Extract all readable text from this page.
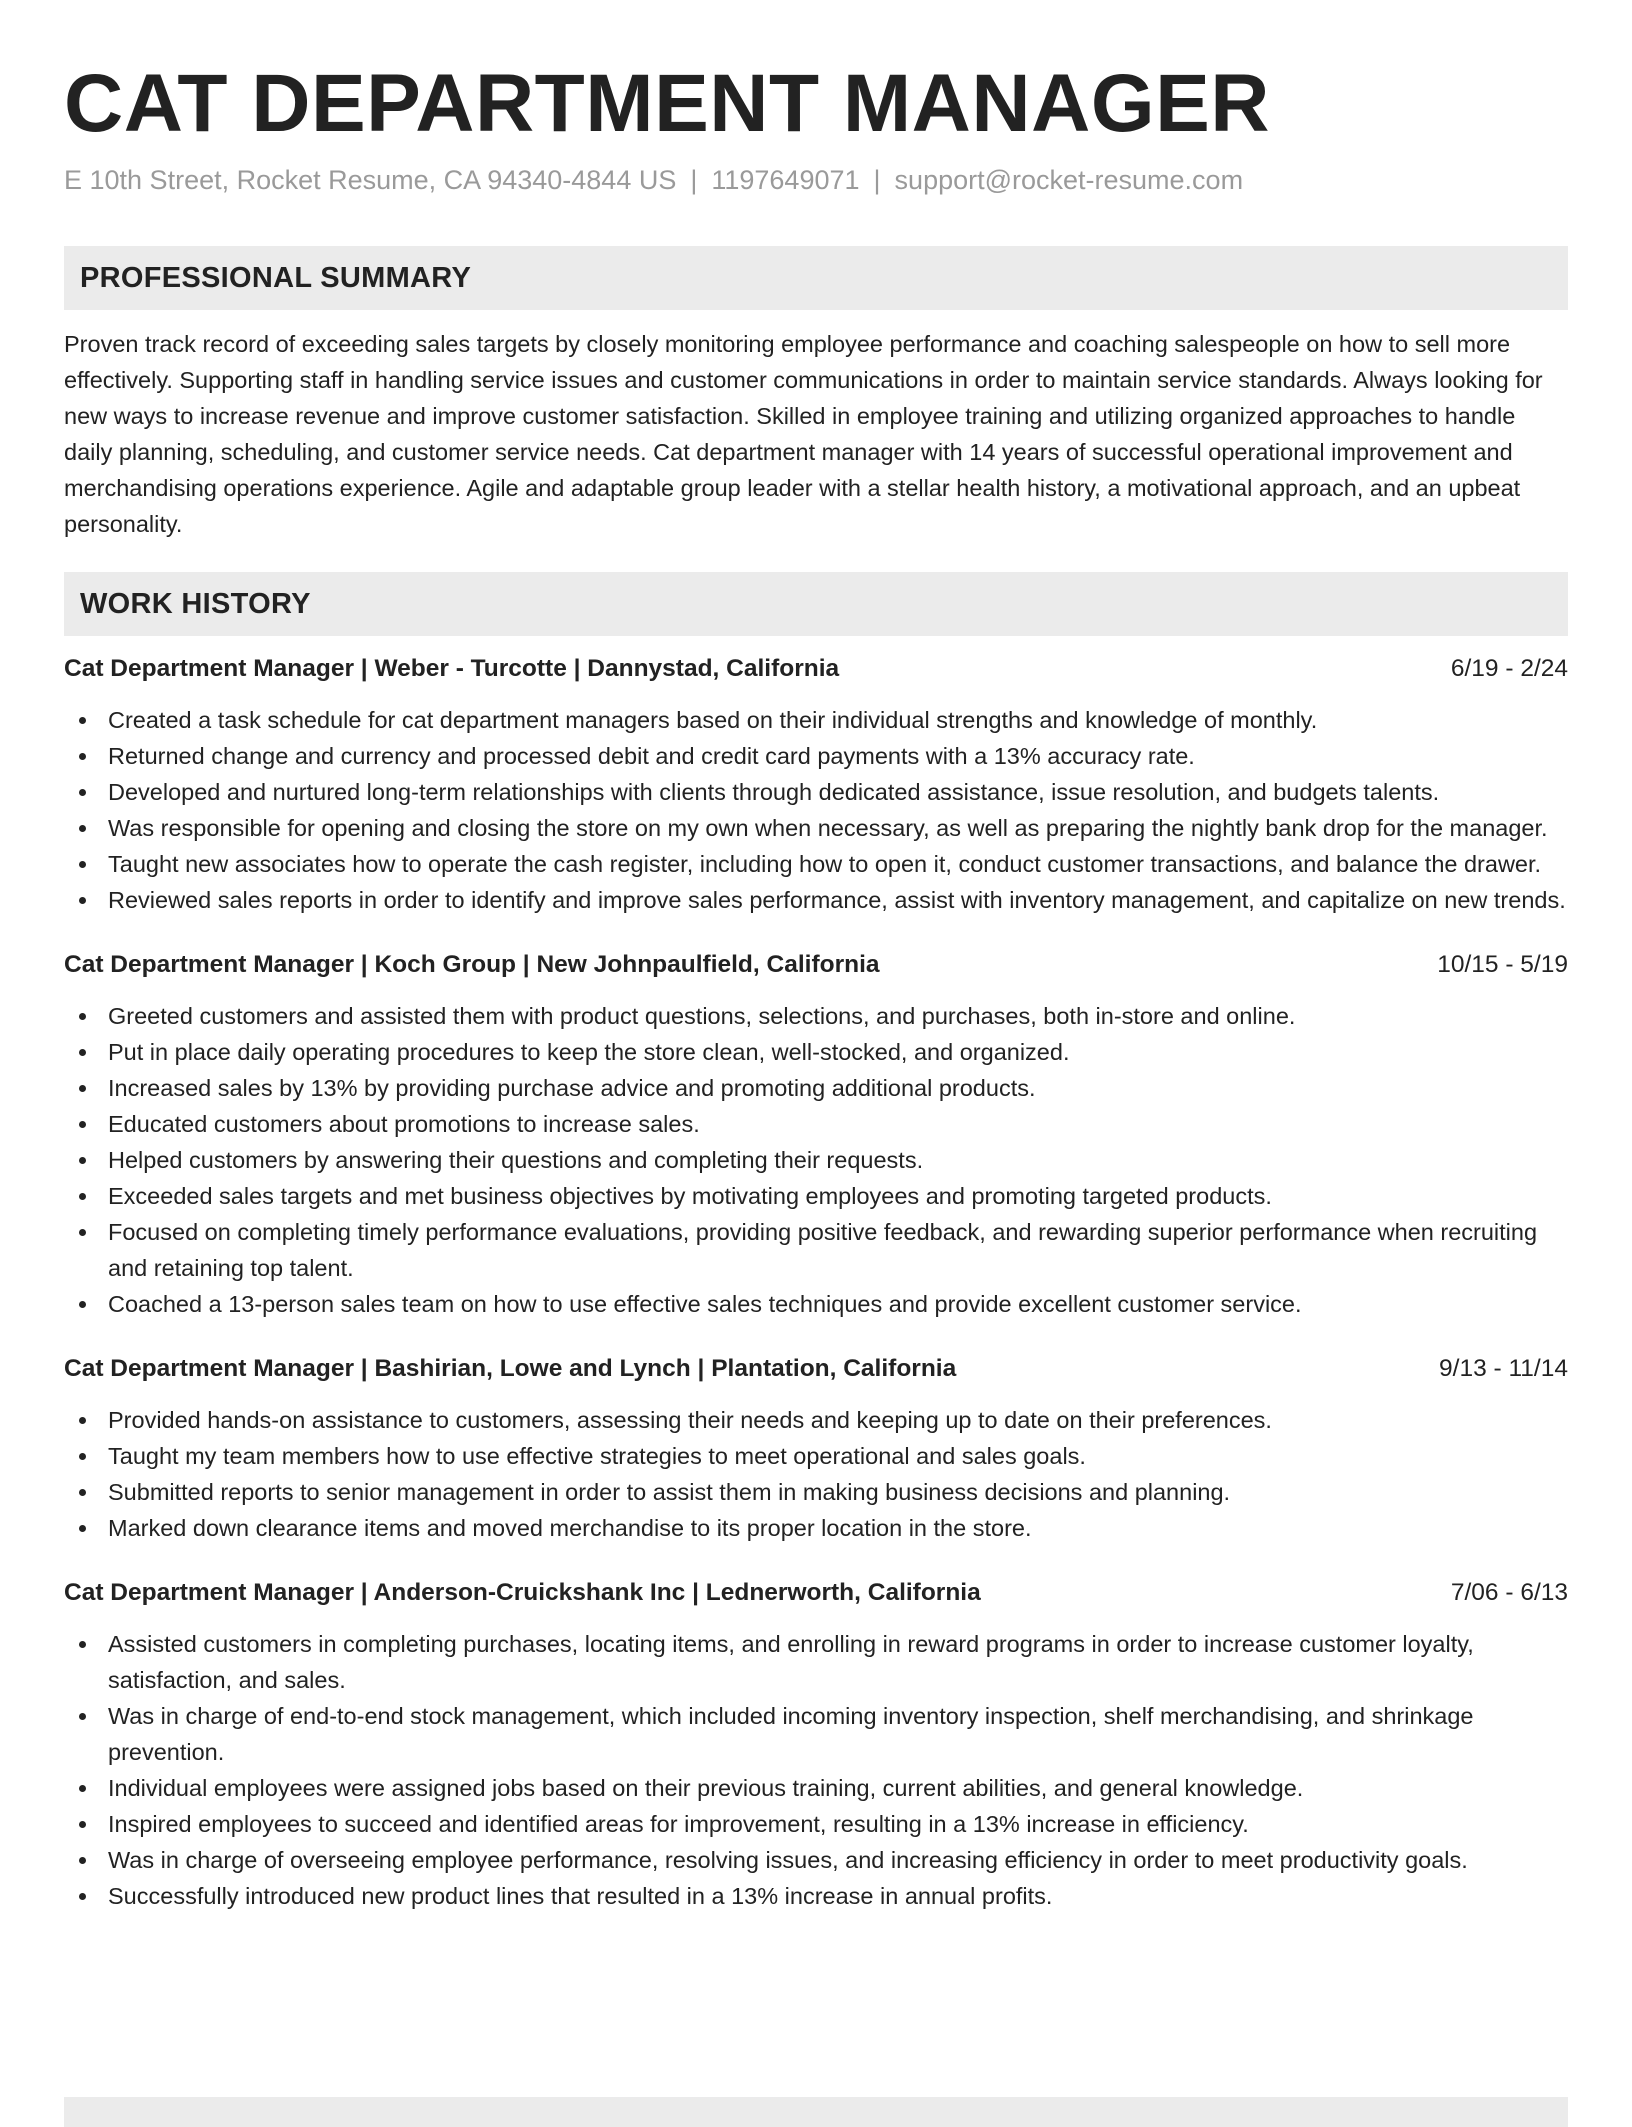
CAT DEPARTMENT MANAGER
E 10th Street, Rocket Resume, CA 94340-4844 US | 1197649071 | support@rocket-resume.com
PROFESSIONAL SUMMARY
Proven track record of exceeding sales targets by closely monitoring employee performance and coaching salespeople on how to sell more effectively. Supporting staff in handling service issues and customer communications in order to maintain service standards. Always looking for new ways to increase revenue and improve customer satisfaction. Skilled in employee training and utilizing organized approaches to handle daily planning, scheduling, and customer service needs. Cat department manager with 14 years of successful operational improvement and merchandising operations experience. Agile and adaptable group leader with a stellar health history, a motivational approach, and an upbeat personality.
WORK HISTORY
Cat Department Manager | Weber - Turcotte | Dannystad, California	6/19 - 2/24
Created a task schedule for cat department managers based on their individual strengths and knowledge of monthly.
Returned change and currency and processed debit and credit card payments with a 13% accuracy rate.
Developed and nurtured long-term relationships with clients through dedicated assistance, issue resolution, and budgets talents.
Was responsible for opening and closing the store on my own when necessary, as well as preparing the nightly bank drop for the manager.
Taught new associates how to operate the cash register, including how to open it, conduct customer transactions, and balance the drawer.
Reviewed sales reports in order to identify and improve sales performance, assist with inventory management, and capitalize on new trends.
Cat Department Manager | Koch Group | New Johnpaulfield, California	10/15 - 5/19
Greeted customers and assisted them with product questions, selections, and purchases, both in-store and online.
Put in place daily operating procedures to keep the store clean, well-stocked, and organized.
Increased sales by 13% by providing purchase advice and promoting additional products.
Educated customers about promotions to increase sales.
Helped customers by answering their questions and completing their requests.
Exceeded sales targets and met business objectives by motivating employees and promoting targeted products.
Focused on completing timely performance evaluations, providing positive feedback, and rewarding superior performance when recruiting and retaining top talent.
Coached a 13-person sales team on how to use effective sales techniques and provide excellent customer service.
Cat Department Manager | Bashirian, Lowe and Lynch | Plantation, California	9/13 - 11/14
Provided hands-on assistance to customers, assessing their needs and keeping up to date on their preferences.
Taught my team members how to use effective strategies to meet operational and sales goals.
Submitted reports to senior management in order to assist them in making business decisions and planning.
Marked down clearance items and moved merchandise to its proper location in the store.
Cat Department Manager | Anderson-Cruickshank Inc | Lednerworth, California	7/06 - 6/13
Assisted customers in completing purchases, locating items, and enrolling in reward programs in order to increase customer loyalty, satisfaction, and sales.
Was in charge of end-to-end stock management, which included incoming inventory inspection, shelf merchandising, and shrinkage prevention.
Individual employees were assigned jobs based on their previous training, current abilities, and general knowledge.
Inspired employees to succeed and identified areas for improvement, resulting in a 13% increase in efficiency.
Was in charge of overseeing employee performance, resolving issues, and increasing efficiency in order to meet productivity goals.
Successfully introduced new product lines that resulted in a 13% increase in annual profits.
